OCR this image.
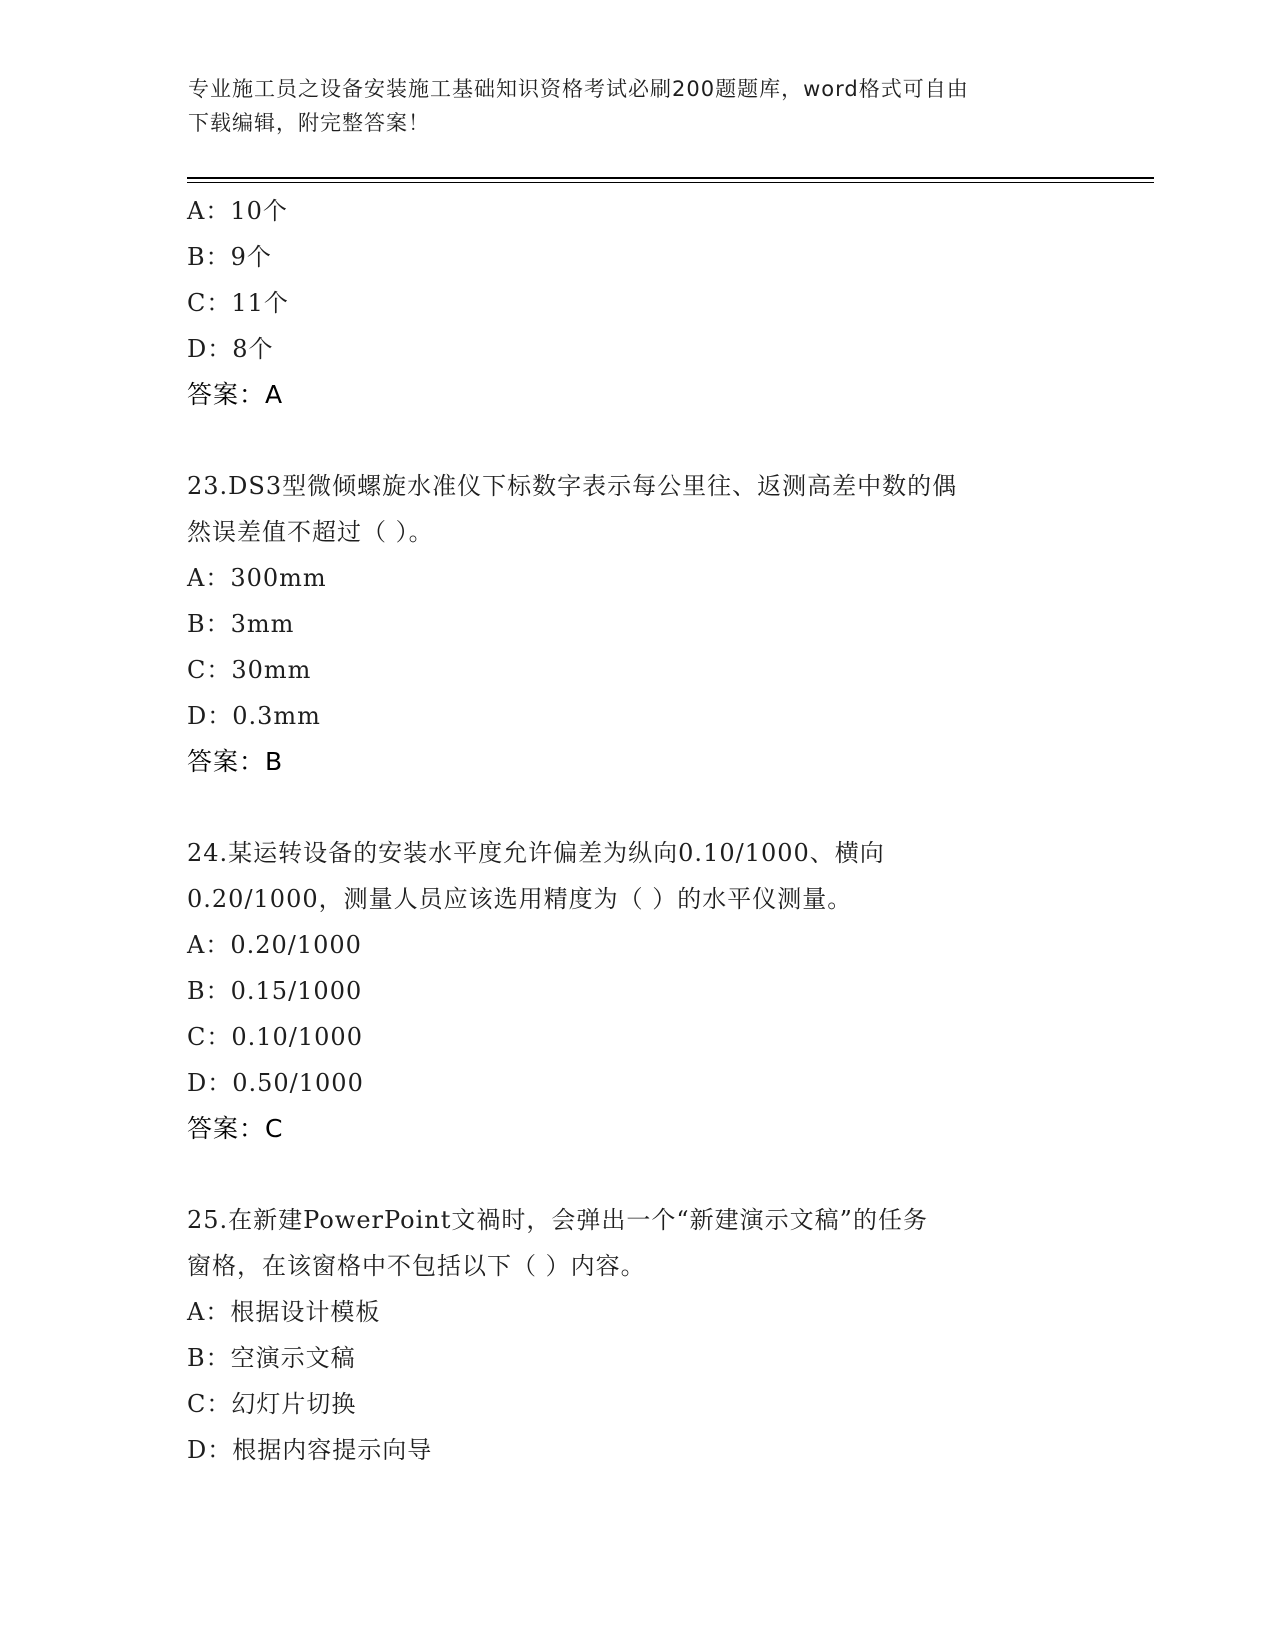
专业施工员之设备安装施工基础知识资格考试必刷200题题库，word格式可自由
下载编辑，附完整答案！
A：10个
B：9个
C：11个
D：8个
答案：A
23.DS3型微倾螺旋水准仪下标数字表示每公里往、返测高差中数的偶
然误差值不超过（ ）。
A：300mm
B：3mm
C：30mm
D：0.3mm
答案：B
24.某运转设备的安装水平度允许偏差为纵向0.10/1000、横向
0.20/1000，测量人员应该选用精度为（ ）的水平仪测量。
A：0.20/1000
B：0.15/1000
C：0.10/1000
D：0.50/1000
答案：C
25.在新建PowerPoint文禍时，会弹出一个“新建演示文稿”的任务
窗格，在该窗格中不包括以下（ ）内容。
A：根据设计模板
B：空演示文稿
C：幻灯片切换
D：根据内容提示向导
